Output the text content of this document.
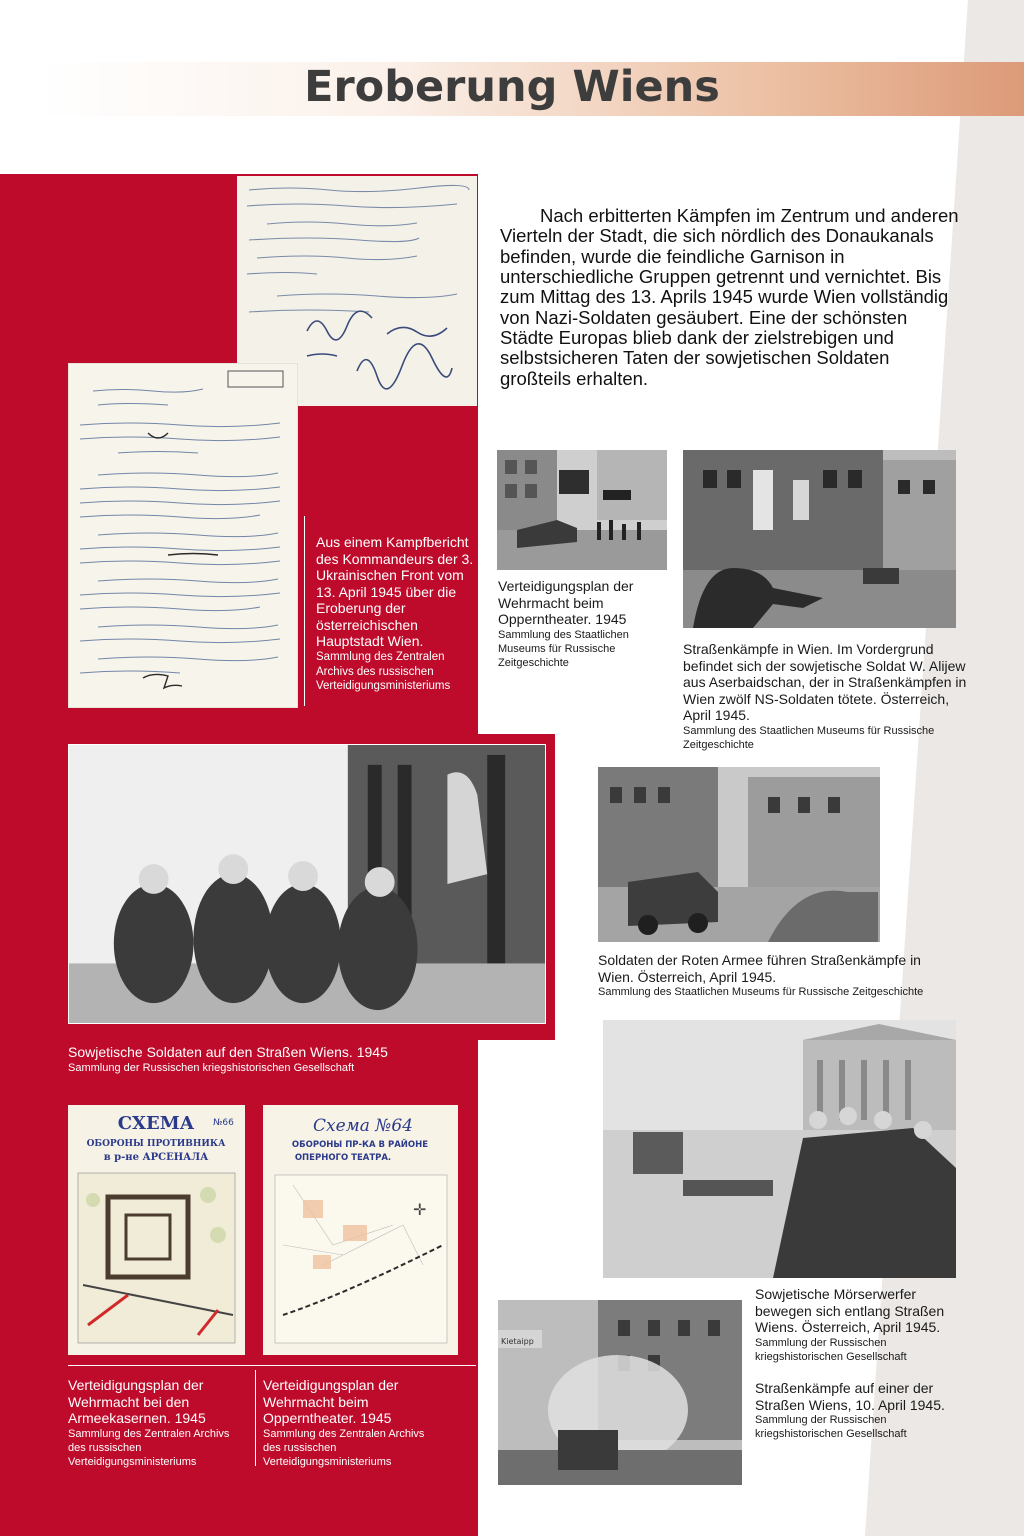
Eroberung Wiens
Aus einem Kampfbericht des Kommandeurs der 3. Ukrainischen Front vom 13. April 1945 über die Eroberung der österreichischen Hauptstadt Wien.
Sammlung des Zentralen Archivs des russischen Verteidigungsministeriums

Nach erbitterten Kämpfen im Zentrum und anderen Vierteln der Stadt, die sich nördlich des Donaukanals befinden, wurde die feindliche Garnison in unterschiedliche Gruppen getrennt und vernichtet. Bis zum Mittag des 13. Aprils 1945 wurde Wien vollständig von Nazi-Soldaten gesäubert. Eine der schönsten Städte Europas blieb dank der zielstrebigen und selbstsicheren Taten der sowjetischen Soldaten großteils erhalten.

Verteidigungsplan der Wehrmacht beim Opperntheater. 1945
Sammlung des Staatlichen Museums für Russische Zeitgeschichte
Straßenkämpfe in Wien. Im Vordergrund befindet sich der sowjetische Soldat W. Alijew aus Aserbaidschan, der in Straßenkämpfen in Wien zwölf NS-Soldaten tötete. Österreich, April 1945.
Sammlung des Staatlichen Museums für Russische Zeitgeschichte
Sowjetische Soldaten auf den Straßen Wiens. 1945
Sammlung der Russischen kriegshistorischen Gesellschaft
Soldaten der Roten Armee führen Straßenkämpfe in Wien. Österreich, April 1945.
Sammlung des Staatlichen Museums für Russische Zeitgeschichte
СХЕМА №66
ОБОРОНЫ ПРОТИВНИКА
в р-не АРСЕНАЛА
Verteidigungsplan der Wehrmacht bei den Armeekasernen. 1945
Sammlung des Zentralen Archivs des russischen Verteidigungsministeriums
Схема №64
ОБОРОНЫ ПР-КА В РАЙОНЕ
ОПЕРНОГО ТЕАТРА.
✛
Verteidigungsplan der Wehrmacht beim Opperntheater. 1945
Sammlung des Zentralen Archivs des russischen Verteidigungsministeriums
Sowjetische Mörserwerfer bewegen sich entlang Straßen Wiens. Österreich, April 1945.
Sammlung der Russischen kriegshistorischen Gesellschaft
Kietaipp
Straßenkämpfe auf einer der Straßen Wiens, 10. April 1945.
Sammlung der Russischen kriegshistorischen Gesellschaft
